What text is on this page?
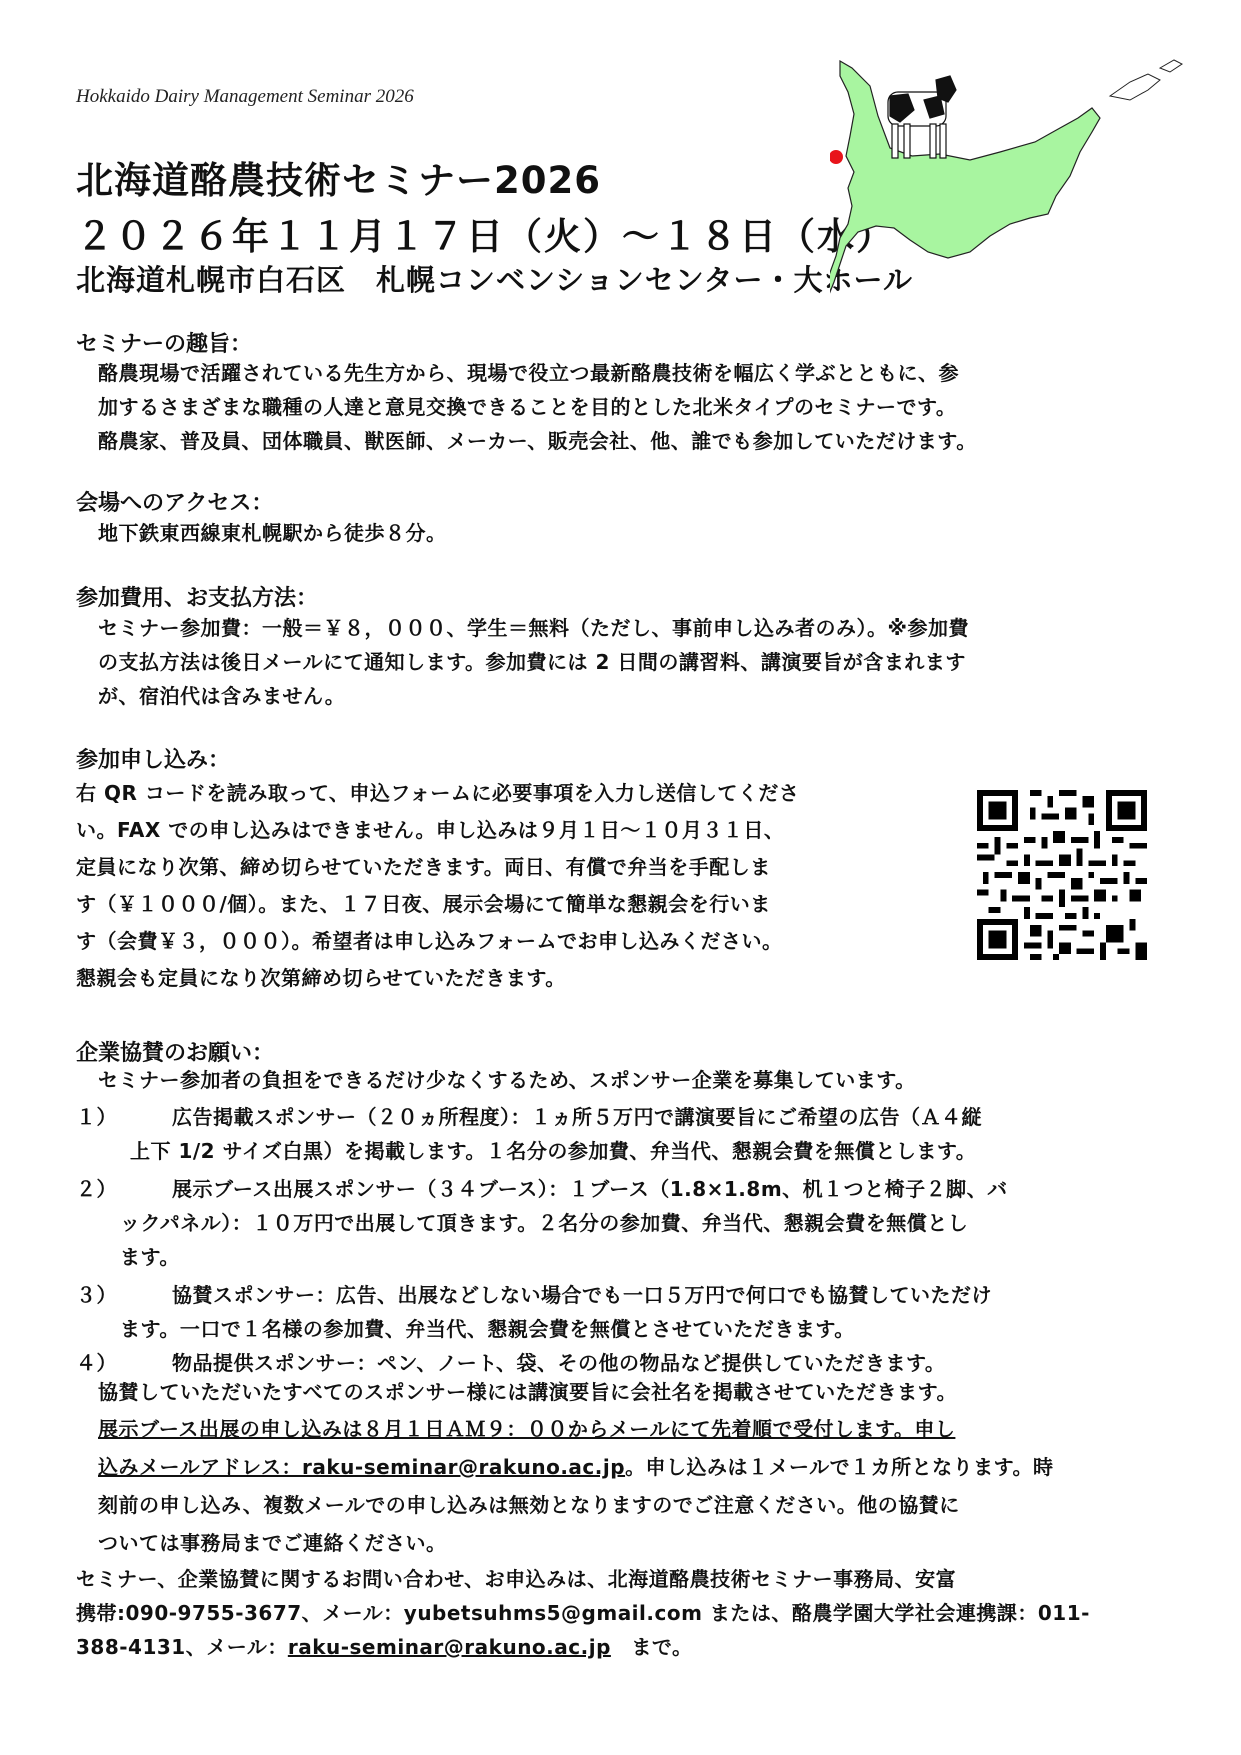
Hokkaido Dairy Management Seminar 2026
北海道酪農技術セミナー2026
２０２６年１１月１７日（火）～１８日（水）
北海道札幌市白石区　札幌コンベンションセンター・大ホール
セミナーの趣旨：

酪農現場で活躍されている先生方から、現場で役立つ最新酪農技術を幅広く学ぶとともに、参

加するさまざまな職種の人達と意見交換できることを目的とした北米タイプのセミナーです。

酪農家、普及員、団体職員、獣医師、メーカー、販売会社、他、誰でも参加していただけます。

会場へのアクセス：
地下鉄東西線東札幌駅から徒歩８分。
参加費用、お支払方法：

セミナー参加費：一般＝￥８，０００、学生＝無料（ただし、事前申し込み者のみ）。※参加費

の支払方法は後日メールにて通知します。参加費には 2 日間の講習料、講演要旨が含まれます

が、宿泊代は含みません。

参加申し込み：

右 QR コードを読み取って、申込フォームに必要事項を入力し送信してくださ

い。FAX での申し込みはできません。申し込みは９月１日～１０月３１日、

定員になり次第、締め切らせていただきます。両日、有償で弁当を手配しま

す（￥１０００/個）。また、１７日夜、展示会場にて簡単な懇親会を行いま

す（会費￥３，０００）。希望者は申し込みフォームでお申し込みください。

懇親会も定員になり次第締め切らせていただきます。

企業協賛のお願い：
セミナー参加者の負担をできるだけ少なくするため、スポンサー企業を募集しています。
１）	広告掲載スポンサー（２０ヵ所程度）：１ヵ所５万円で講演要旨にご希望の広告（Ａ４縦

上下 1/2 サイズ白黒）を掲載します。１名分の参加費、弁当代、懇親会費を無償とします。

２）	展示ブース出展スポンサー（３４ブース）：１ブース（1.8×1.8m、机１つと椅子２脚、バ

ックパネル）：１０万円で出展して頂きます。２名分の参加費、弁当代、懇親会費を無償とし

ます。

３）	協賛スポンサー：広告、出展などしない場合でも一口５万円で何口でも協賛していただけ

ます。一口で１名様の参加費、弁当代、懇親会費を無償とさせていただきます。

４）	物品提供スポンサー：ペン、ノート、袋、その他の物品など提供していただきます。

協賛していただいたすべてのスポンサー様には講演要旨に会社名を掲載させていただきます。

展示ブース出展の申し込みは８月１日ＡＭ９：００からメールにて先着順で受付します。申し

込みメールアドレス：raku-seminar@rakuno.ac.jp。申し込みは１メールで１カ所となります。時

刻前の申し込み、複数メールでの申し込みは無効となりますのでご注意ください。他の協賛に

ついては事務局までご連絡ください。

セミナー、企業協賛に関するお問い合わせ、お申込みは、北海道酪農技術セミナー事務局、安富

携帯:090-9755-3677、メール：yubetsuhms5@gmail.com または、酪農学園大学社会連携課：011-

388-4131、メール：raku-seminar@rakuno.ac.jp　まで。
